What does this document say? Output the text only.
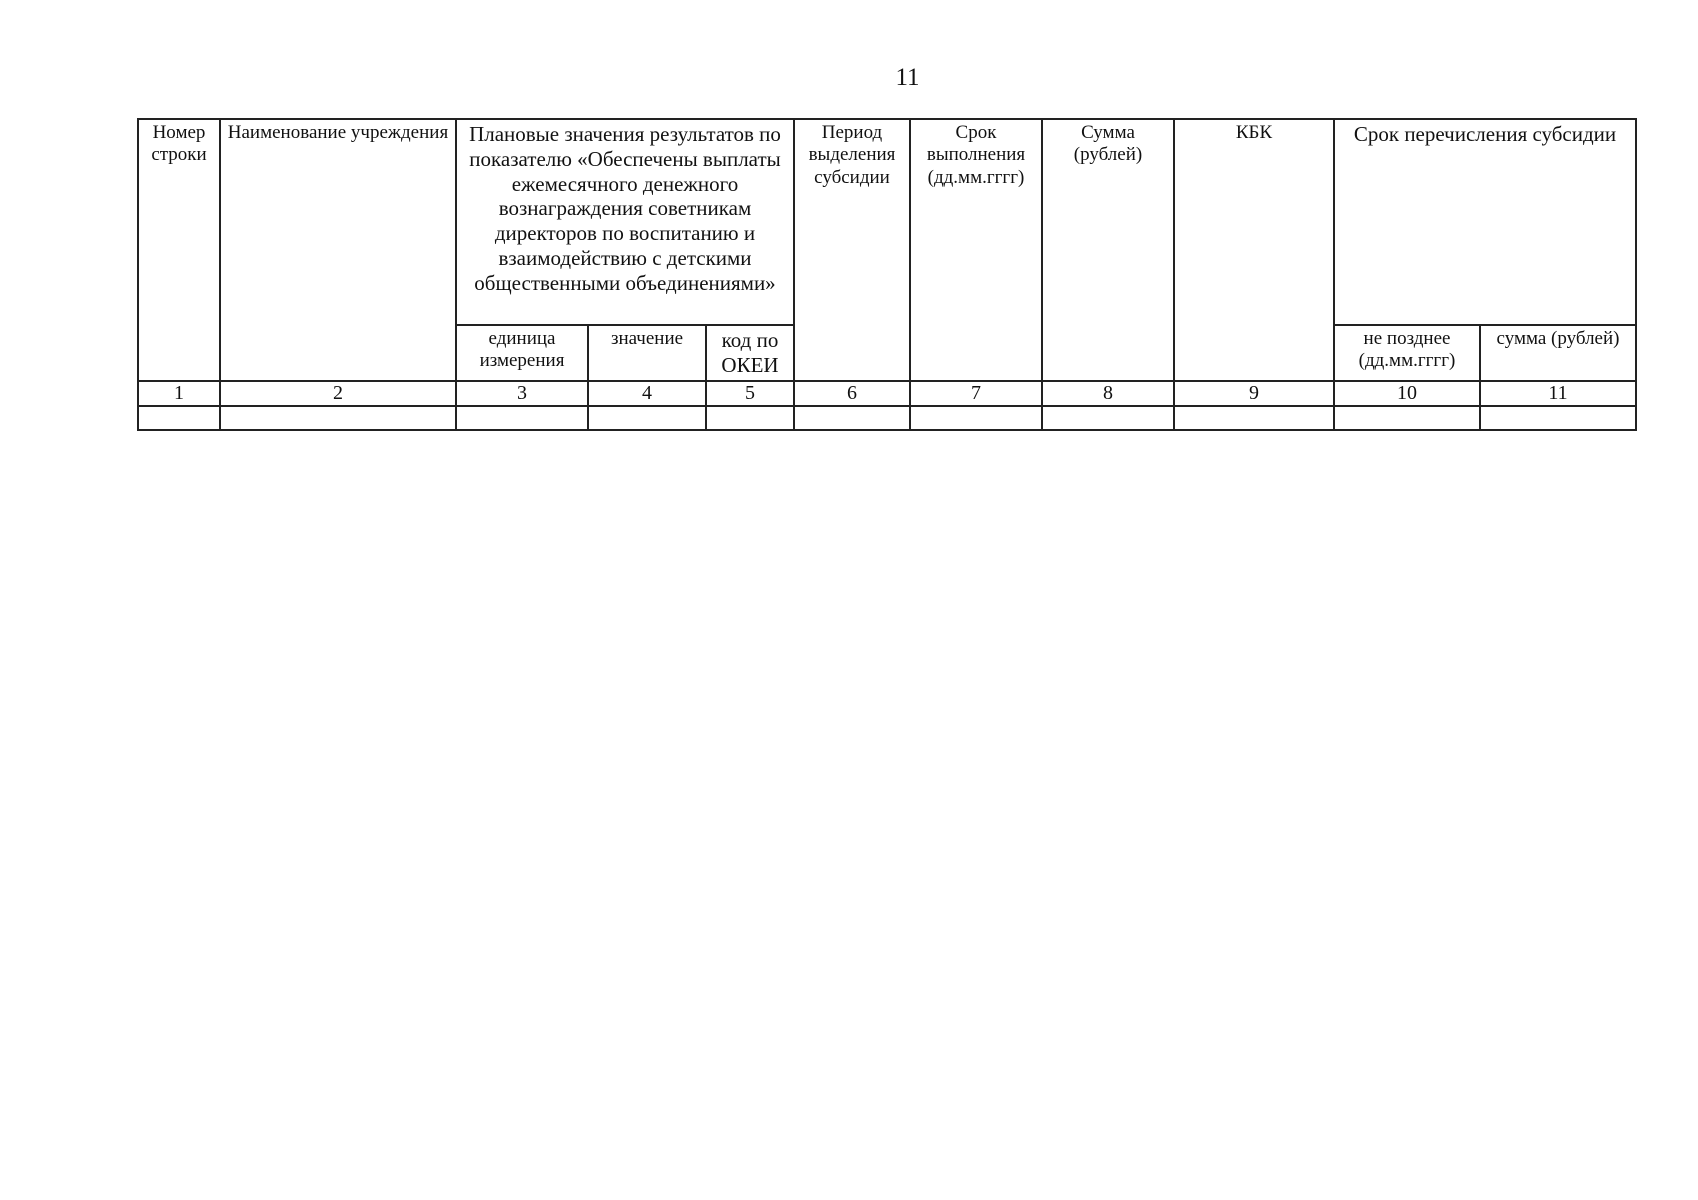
11
Номер строки	Наименование учреждения	Плановые значения результатов по показателю «Обеспечены выплаты ежемесячного денежного вознаграждения советникам директоров по воспитанию и взаимодействию с детскими общественными объединениями»			Период выделения субсидии	Срок выполнения (дд.мм.гггг)	Сумма (рублей)	КБК	Срок перечисления субсидии	
		единица измерения	значение	код по ОКЕИ					не позднее (дд.мм.гггг)	сумма (рублей)
1	2	3	4	5	6	7	8	9	10	11
